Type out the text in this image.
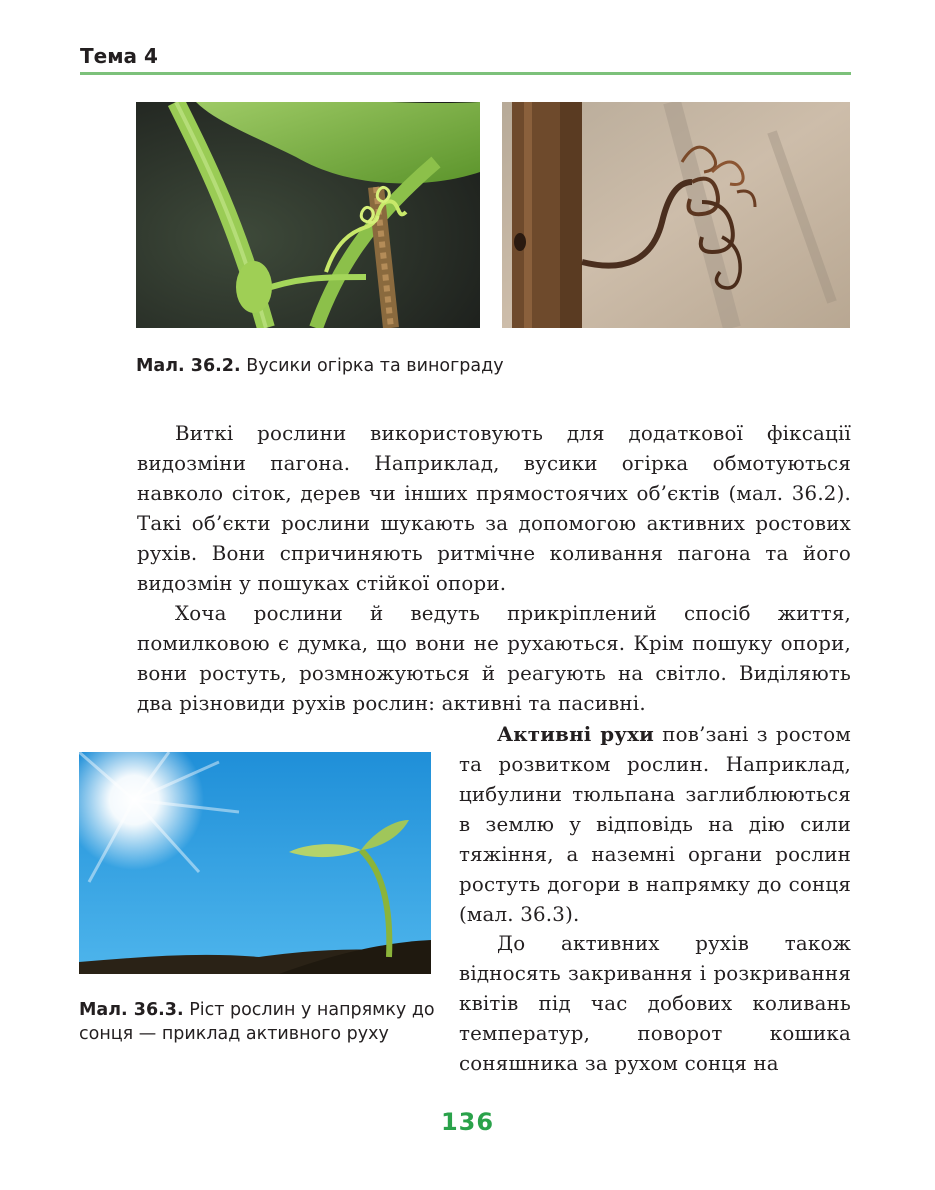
Тема 4
Мал. 36.2. Вусики огірка та винограду

Виткі рослини використовують для додаткової фіксації видозміни пагона. Наприклад, вусики огірка обмотуються навколо сіток, дерев чи інших прямостоячих об’єктів (мал. 36.2). Такі об’єкти рослини шукають за допомогою активних ростових рухів. Вони спричиняють ритмічне коливання пагона та його видозмін у пошуках стійкої опори.

Хоча рослини й ведуть прикріплений спосіб життя, помилковою є думка, що вони не рухаються. Крім пошуку опори, вони ростуть, розмножуються й реагують на світло. Виділяють два різновиди рухів рослин: активні та пасивні.

Мал. 36.3. Ріст рослин у напрямку до сонця — приклад активного руху

Активні рухи пов’зані з ростом та розвитком рослин. Наприклад, цибулини тюльпана заглиблюються в землю у відповідь на дію сили тяжіння, а наземні органи рослин ростуть догори в напрямку до сонця (мал. 36.3).

До активних рухів також відносять закривання і розкривання квітів під час добових коливань температур, поворот кошика соняшника за рухом сонця на

136
